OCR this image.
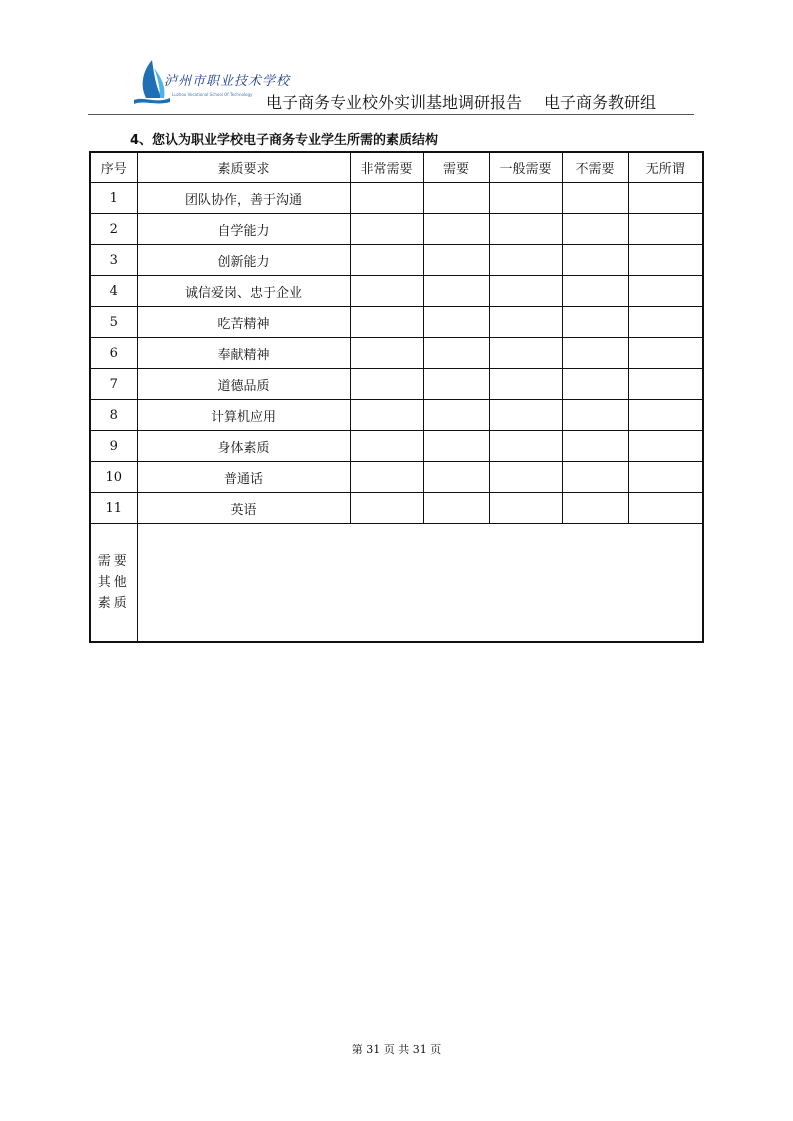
泸州市职业技术学校
Luzhou Vocational School Of Technology 电子商务专业校外实训基地调研报告 电子商务教研组
4、您认为职业学校电子商务专业学生所需的素质结构
序号	素质要求	非常需要	需要	一般需要	不需要	无所谓
1	团队协作，善于沟通					
2	自学能力					
3	创新能力					
4	诚信爱岗、忠于企业					
5	吃苦精神					
6	奉献精神					
7	道德品质					
8	计算机应用					
9	身体素质					
10	普通话					
11	英语					

需要
其他
素质						

第 31 页 共 31 页
